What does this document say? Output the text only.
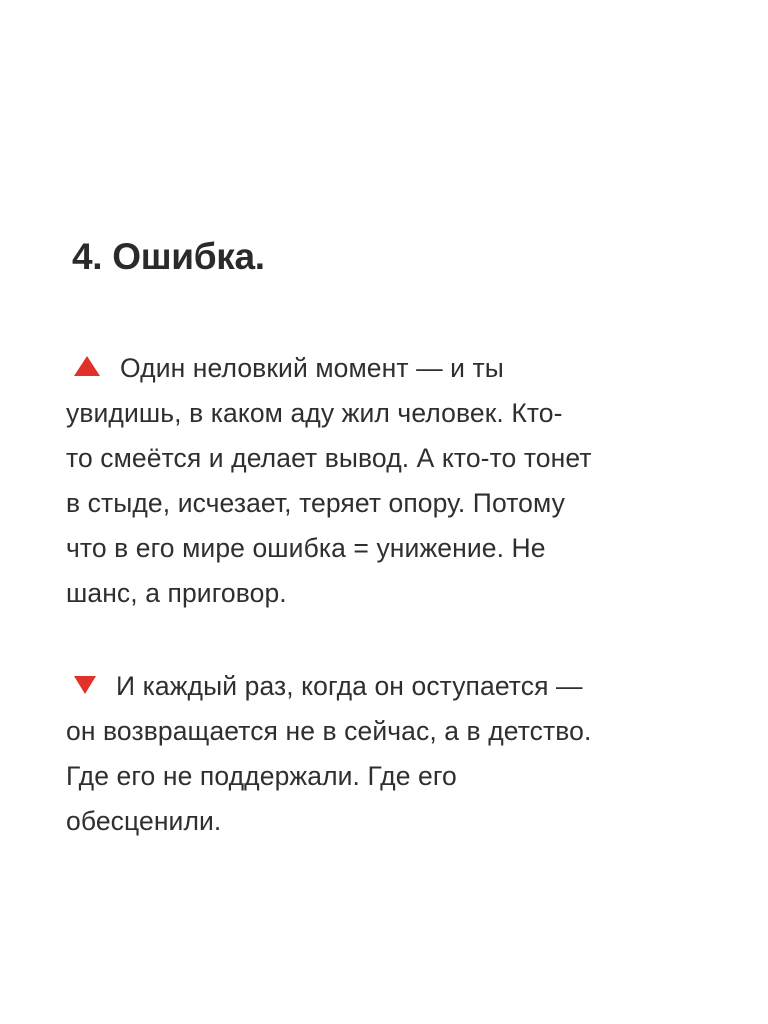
4. Ошибка.

Один неловкий момент — и ты
увидишь, в каком аду жил человек. Кто-
то смеётся и делает вывод. А кто-то тонет
в стыде, исчезает, теряет опору. Потому
что в его мире ошибка = унижение. Не
шанс, а приговор.

И каждый раз, когда он оступается —
он возвращается не в сейчас, а в детство.
Где его не поддержали. Где его
обесценили.
